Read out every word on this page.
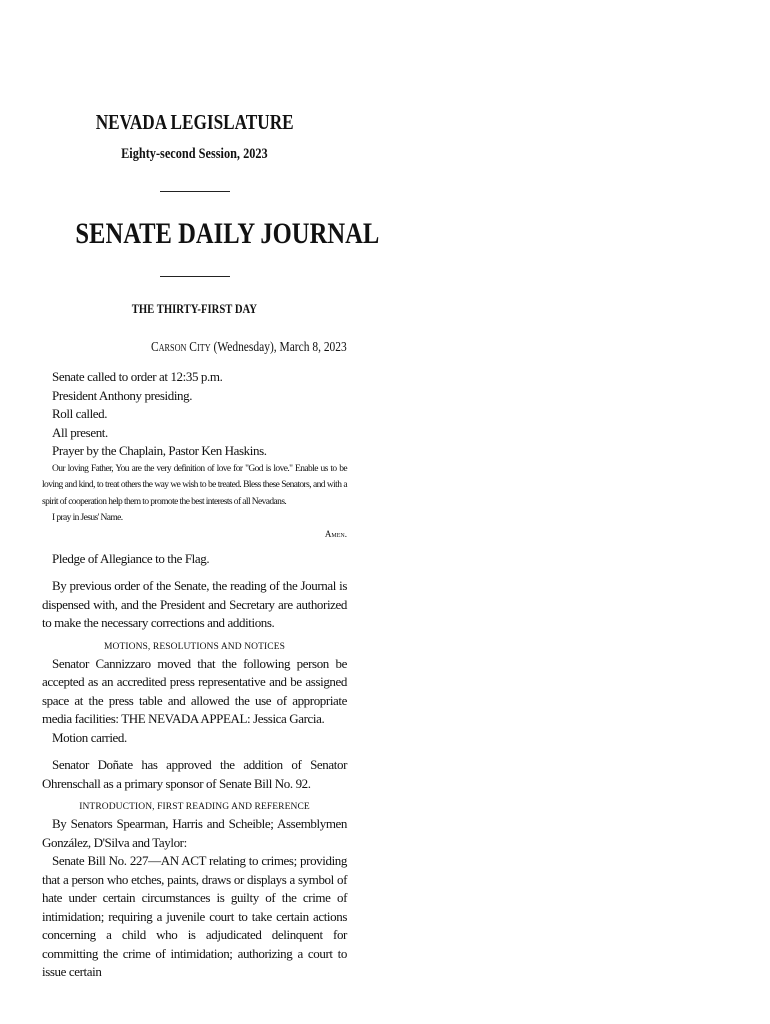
NEVADA LEGISLATURE
Eighty-second Session, 2023
SENATE DAILY JOURNAL
THE THIRTY-FIRST DAY
Carson City (Wednesday), March 8, 2023

Senate called to order at 12:35 p.m.

President Anthony presiding.

Roll called.

All present.

Prayer by the Chaplain, Pastor Ken Haskins.

Our loving Father, You are the very definition of love for "God is love." Enable us to be loving and kind, to treat others the way we wish to be treated. Bless these Senators, and with a spirit of cooperation help them to promote the best interests of all Nevadans.

I pray in Jesus' Name.

Amen.

Pledge of Allegiance to the Flag.

By previous order of the Senate, the reading of the Journal is dispensed with, and the President and Secretary are authorized to make the necessary corrections and additions.

MOTIONS, RESOLUTIONS AND NOTICES

Senator Cannizzaro moved that the following person be accepted as an accredited press representative and be assigned space at the press table and allowed the use of appropriate media facilities: THE NEVADA APPEAL: Jessica Garcia.

Motion carried.

Senator Doñate has approved the addition of Senator Ohrenschall as a primary sponsor of Senate Bill No. 92.

INTRODUCTION, FIRST READING AND REFERENCE

By Senators Spearman, Harris and Scheible; Assemblymen González, D'Silva and Taylor:

Senate Bill No. 227—AN ACT relating to crimes; providing that a person who etches, paints, draws or displays a symbol of hate under certain circumstances is guilty of the crime of intimidation; requiring a juvenile court to take certain actions concerning a child who is adjudicated delinquent for committing the crime of intimidation; authorizing a court to issue certain
